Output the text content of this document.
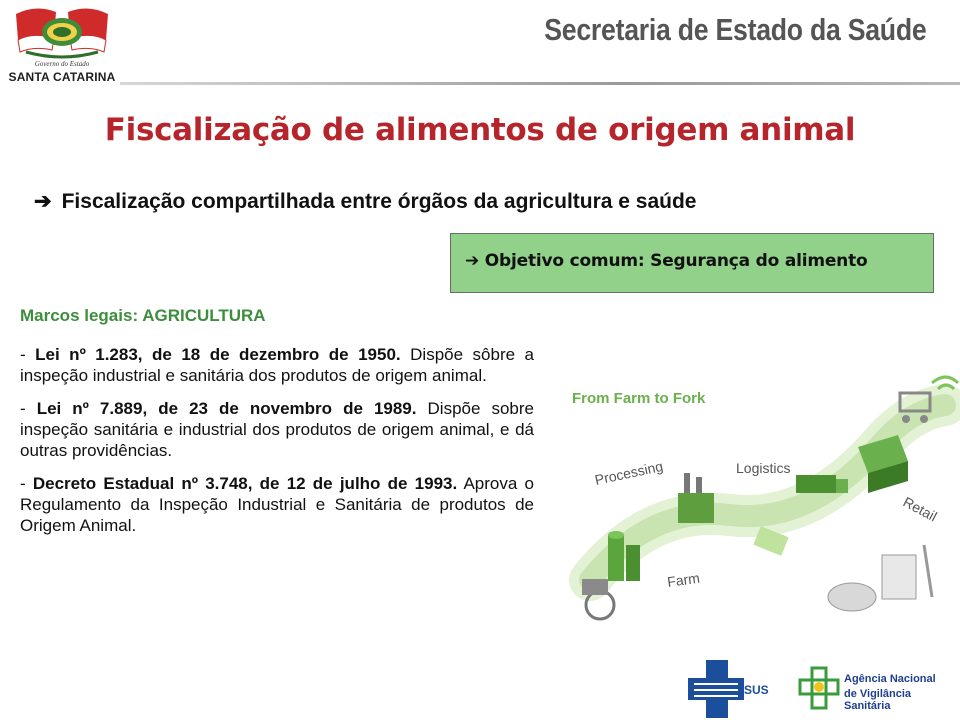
Governo do Estado
SANTA CATARINA
Secretaria de Estado da Saúde
Fiscalização de alimentos de origem animal
➔ Fiscalização compartilhada entre órgãos da agricultura e saúde
➔ Objetivo comum: Segurança do alimento
Marcos legais: AGRICULTURA
- Lei nº 1.283, de 18 de dezembro de 1950. Dispõe sôbre a inspeção industrial e sanitária dos produtos de origem animal.
- Lei nº 7.889, de 23 de novembro de 1989. Dispõe sobre inspeção sanitária e industrial dos produtos de origem animal, e dá outras providências.
- Decreto Estadual nº 3.748, de 12 de julho de 1993. Aprova o Regulamento da Inspeção Industrial e Sanitária de produtos de Origem Animal.
From Farm to Fork
Processing	Logistics
Retail
Farm
SUS
Agência Nacional
de Vigilância Sanitária
